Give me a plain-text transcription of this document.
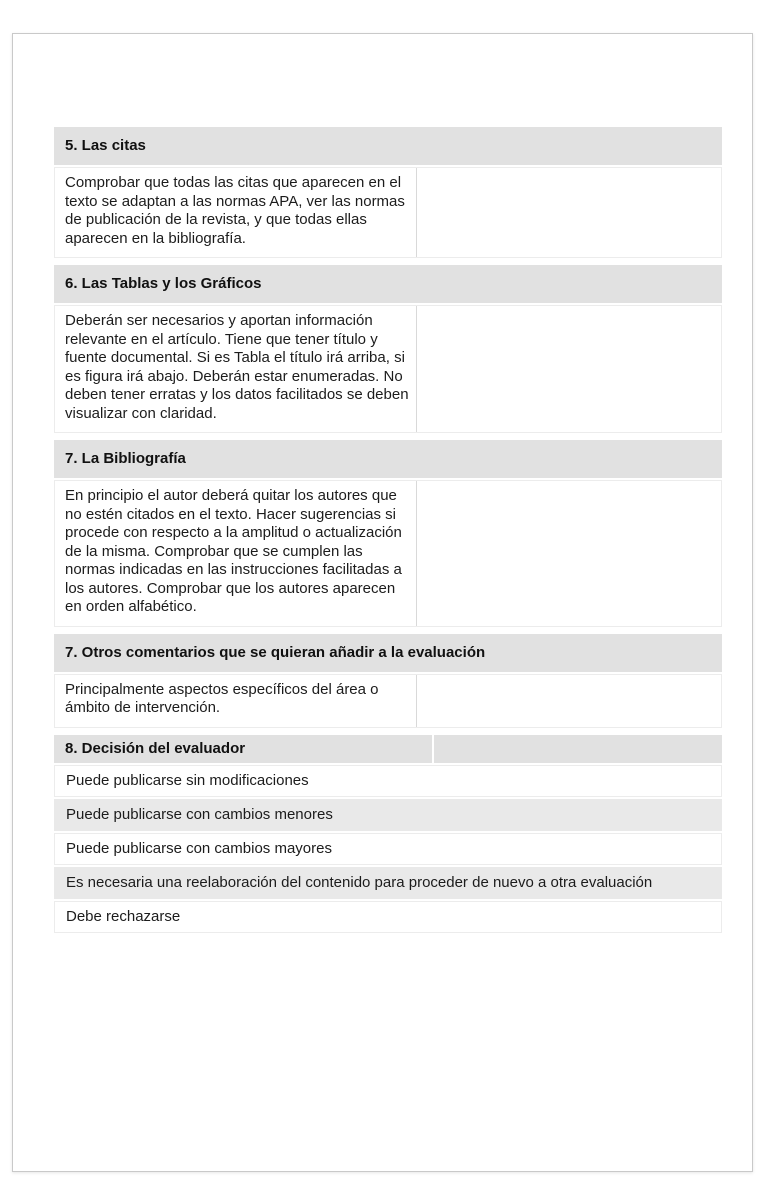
5. Las citas
Comprobar que todas las citas que aparecen en el texto se adaptan a las normas APA, ver las normas de publicación de la revista, y que todas ellas aparecen en la bibliografía.
6. Las Tablas y los Gráficos
Deberán ser necesarios y aportan información relevante en el artículo. Tiene que tener título y fuente documental. Si es Tabla el título irá arriba, si es figura irá abajo. Deberán estar enumeradas. No deben tener erratas y los datos facilitados se deben visualizar con claridad.
7. La Bibliografía
En principio el autor deberá quitar los autores que no estén citados en el texto. Hacer sugerencias si procede con respecto a la amplitud o actualización de la misma. Comprobar que se cumplen las normas indicadas en las instrucciones facilitadas a los autores. Comprobar que los autores aparecen en orden alfabético.
7. Otros comentarios que se quieran añadir a la evaluación
Principalmente aspectos específicos del área o ámbito de intervención.
8. Decisión del evaluador
Puede publicarse sin modificaciones
Puede publicarse con cambios menores
Puede publicarse con cambios mayores
Es necesaria una reelaboración del contenido para proceder de nuevo a otra evaluación
Debe rechazarse
